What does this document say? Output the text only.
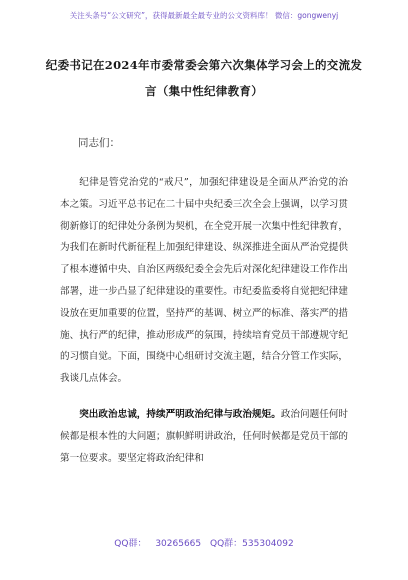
关注头条号“公文研究”，获得最新最全最专业的公文资料库！ 微信：gongwenyj
纪委书记在2024年市委常委会第六次集体学习会上的交流发言（集中性纪律教育）
同志们：

纪律是管党治党的“戒尺”，加强纪律建设是全面从严治党的治本之策。习近平总书记在二十届中央纪委三次全会上强调，以学习贯彻新修订的纪律处分条例为契机，在全党开展一次集中性纪律教育，为我们在新时代新征程上加强纪律建设、纵深推进全面从严治党提供了根本遵循中央、自治区两级纪委全会先后对深化纪律建设工作作出部署，进一步凸显了纪律建设的重要性。市纪委监委将自觉把纪律建设放在更加重要的位置，坚持严的基调、树立严的标准、落实严的措施、执行严的纪律，推动形成严的氛围，持续培育党员干部遵规守纪的习惯自觉。下面，围绕中心组研讨交流主题，结合分管工作实际，我谈几点体会。

突出政治忠诚，持续严明政治纪律与政治规矩。政治问题任何时候都是根本性的大问题；旗帜鲜明讲政治，任何时候都是党员干部的第一位要求。要坚定将政治纪律和

QQ群： 30265665 QQ群：535304092
